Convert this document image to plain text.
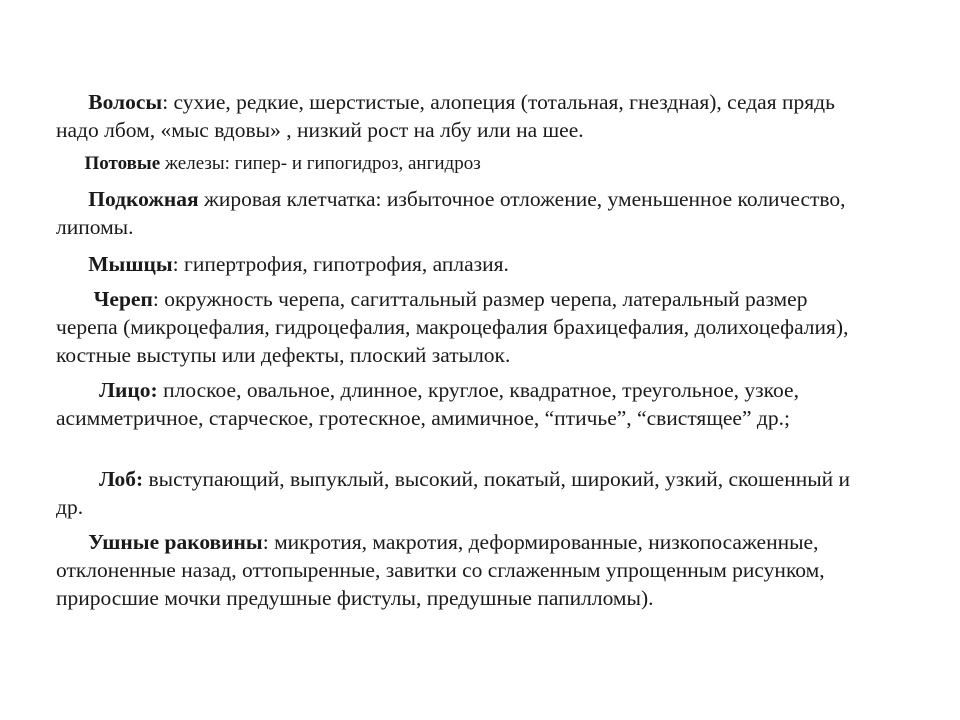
Волосы: сухие, редкие, шерстистые, алопеция (тотальная, гнездная), седая прядь надо лбом, «мыс вдовы» , низкий рост на лбу или на шее.

Потовые железы: гипер- и гипогидроз, ангидроз

Подкожная жировая клетчатка: избыточное отложение, уменьшенное количество, липомы.

Мышцы: гипертрофия, гипотрофия, аплазия.

Череп: окружность черепа, сагиттальный размер черепа, латеральный размер черепа (микроцефалия, гидроцефалия, макроцефалия брахицефалия, долихоцефалия), костные выступы или дефекты, плоский затылок.

Лицо: плоское, овальное, длинное, круглое, квадратное, треугольное, узкое, асимметричное, старческое, гротескное, амимичное, “птичье”, “свистящее” др.;

Лоб: выступающий, выпуклый, высокий, покатый, широкий, узкий, скошенный и др.

Ушные раковины: микротия, макротия, деформированные, низкопосаженные, отклоненные назад, оттопыренные, завитки со сглаженным упрощенным рисунком, приросшие мочки предушные фистулы, предушные папилломы).
